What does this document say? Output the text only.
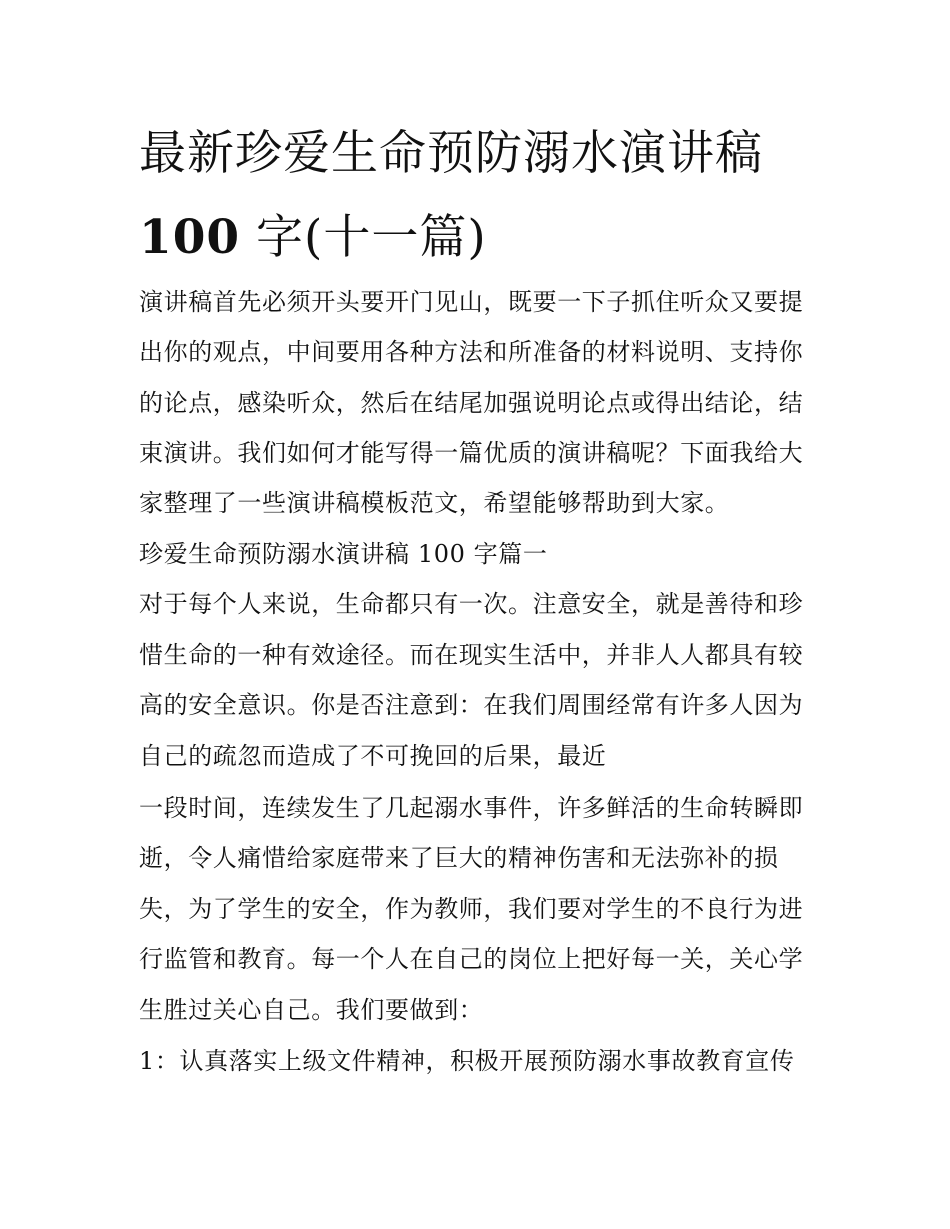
最新珍爱生命预防溺水演讲稿
100 字(十一篇)

演讲稿首先必须开头要开门见山，既要一下子抓住听众又要提

出你的观点，中间要用各种方法和所准备的材料说明、支持你

的论点，感染听众，然后在结尾加强说明论点或得出结论，结

束演讲。我们如何才能写得一篇优质的演讲稿呢？下面我给大

家整理了一些演讲稿模板范文，希望能够帮助到大家。

珍爱生命预防溺水演讲稿 100 字篇一

对于每个人来说，生命都只有一次。注意安全，就是善待和珍

惜生命的一种有效途径。而在现实生活中，并非人人都具有较

高的安全意识。你是否注意到：在我们周围经常有许多人因为

自己的疏忽而造成了不可挽回的后果，最近

一段时间，连续发生了几起溺水事件，许多鲜活的生命转瞬即

逝，令人痛惜给家庭带来了巨大的精神伤害和无法弥补的损

失，为了学生的安全，作为教师，我们要对学生的不良行为进

行监管和教育。每一个人在自己的岗位上把好每一关，关心学

生胜过关心自己。我们要做到：

1：认真落实上级文件精神，积极开展预防溺水事故教育宣传
